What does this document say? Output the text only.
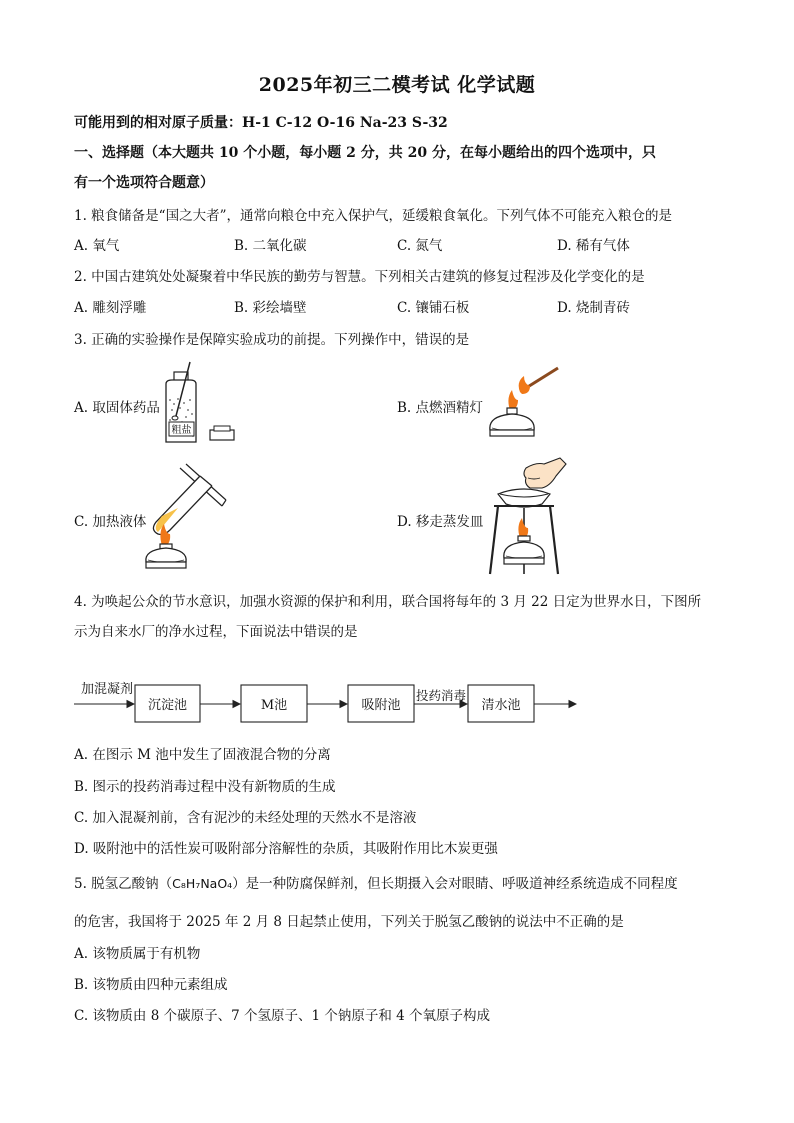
2025年初三二模考试 化学试题
可能用到的相对原子质量：H-1 C-12 O-16 Na-23 S-32
一、选择题（本大题共 10 个小题，每小题 2 分，共 20 分，在每小题给出的四个选项中，只
有一个选项符合题意）
1. 粮食储备是“国之大者”，通常向粮仓中充入保护气，延缓粮食氧化。下列气体不可能充入粮仓的是
A. 氧气	B. 二氧化碳	C. 氮气	D. 稀有气体
2. 中国古建筑处处凝聚着中华民族的勤劳与智慧。下列相关古建筑的修复过程涉及化学变化的是
A. 雕刻浮雕	B. 彩绘墙壁	C. 镶铺石板	D. 烧制青砖
3. 正确的实验操作是保障实验成功的前提。下列操作中，错误的是
A. 取固体药品	B. 点燃酒精灯
C. 加热液体	D. 移走蒸发皿
粗盐
4. 为唤起公众的节水意识，加强水资源的保护和利用，联合国将每年的 3 月 22 日定为世界水日，下图所
示为自来水厂的净水过程，下面说法中错误的是
加混凝剂
沉淀池	M池	吸附池
投药消毒
清水池
A. 在图示 M 池中发生了固液混合物的分离
B. 图示的投药消毒过程中没有新物质的生成
C. 加入混凝剂前，含有泥沙的未经处理的天然水不是溶液
D. 吸附池中的活性炭可吸附部分溶解性的杂质，其吸附作用比木炭更强
5. 脱氢乙酸钠（C₈H₇NaO₄）是一种防腐保鲜剂，但长期摄入会对眼睛、呼吸道神经系统造成不同程度
的危害，我国将于 2025 年 2 月 8 日起禁止使用，下列关于脱氢乙酸钠的说法中不正确的是
A. 该物质属于有机物
B. 该物质由四种元素组成
C. 该物质由 8 个碳原子、7 个氢原子、1 个钠原子和 4 个氧原子构成
